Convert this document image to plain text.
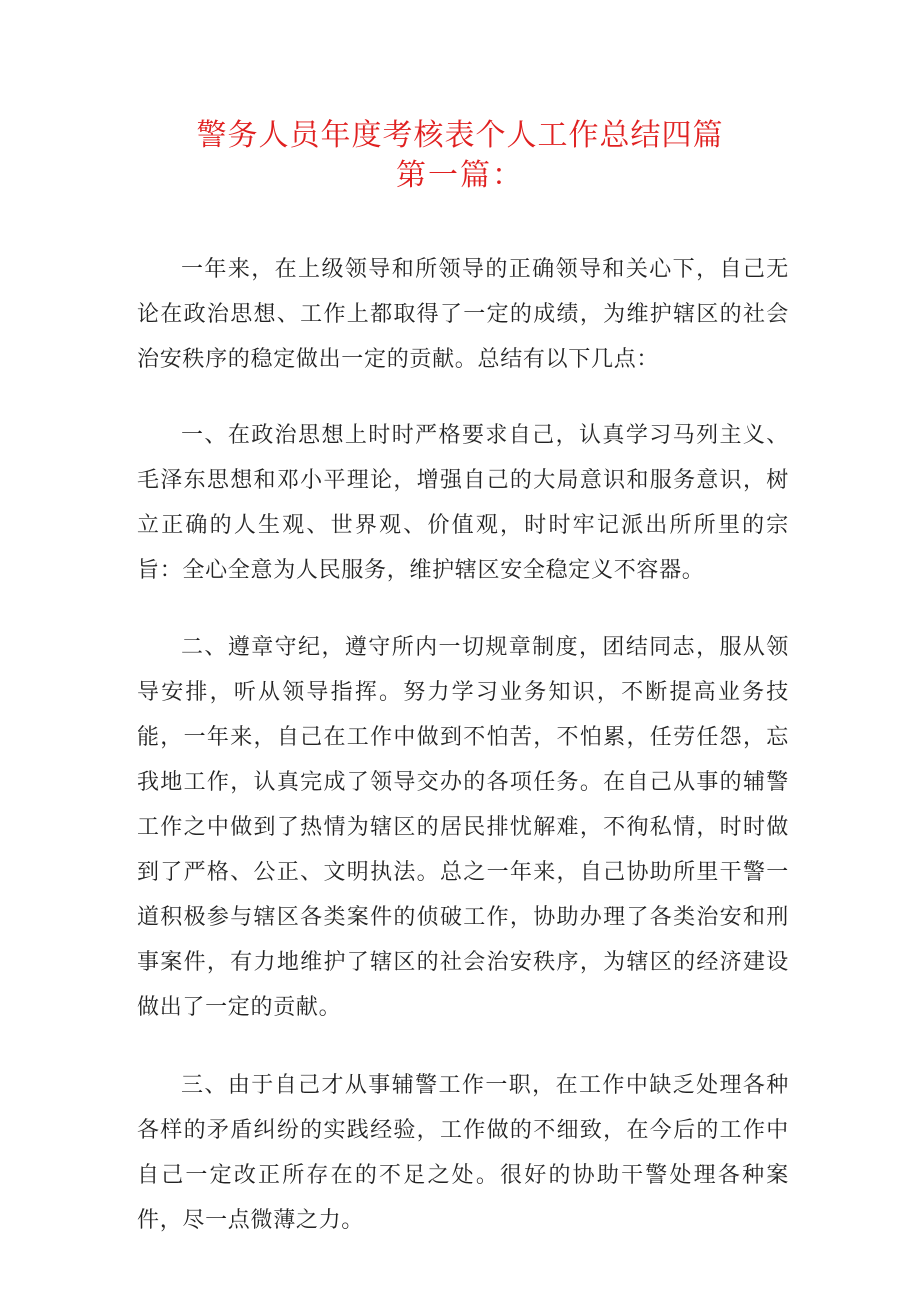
警务人员年度考核表个人工作总结四篇
第一篇：

一年来，在上级领导和所领导的正确领导和关心下，自己无论在政治思想、工作上都取得了一定的成绩，为维护辖区的社会治安秩序的稳定做出一定的贡献。总结有以下几点：

一、在政治思想上时时严格要求自己，认真学习马列主义、毛泽东思想和邓小平理论，增强自己的大局意识和服务意识，树立正确的人生观、世界观、价值观，时时牢记派出所所里的宗旨：全心全意为人民服务，维护辖区安全稳定义不容器。

二、遵章守纪，遵守所内一切规章制度，团结同志，服从领导安排，听从领导指挥。努力学习业务知识，不断提高业务技能，一年来，自己在工作中做到不怕苦，不怕累，任劳任怨，忘我地工作，认真完成了领导交办的各项任务。在自己从事的辅警工作之中做到了热情为辖区的居民排忧解难，不徇私情，时时做到了严格、公正、文明执法。总之一年来，自己协助所里干警一道积极参与辖区各类案件的侦破工作，协助办理了各类治安和刑事案件，有力地维护了辖区的社会治安秩序，为辖区的经济建设做出了一定的贡献。

三、由于自己才从事辅警工作一职，在工作中缺乏处理各种各样的矛盾纠纷的实践经验，工作做的不细致，在今后的工作中自己一定改正所存在的不足之处。很好的协助干警处理各种案件，尽一点微薄之力。
